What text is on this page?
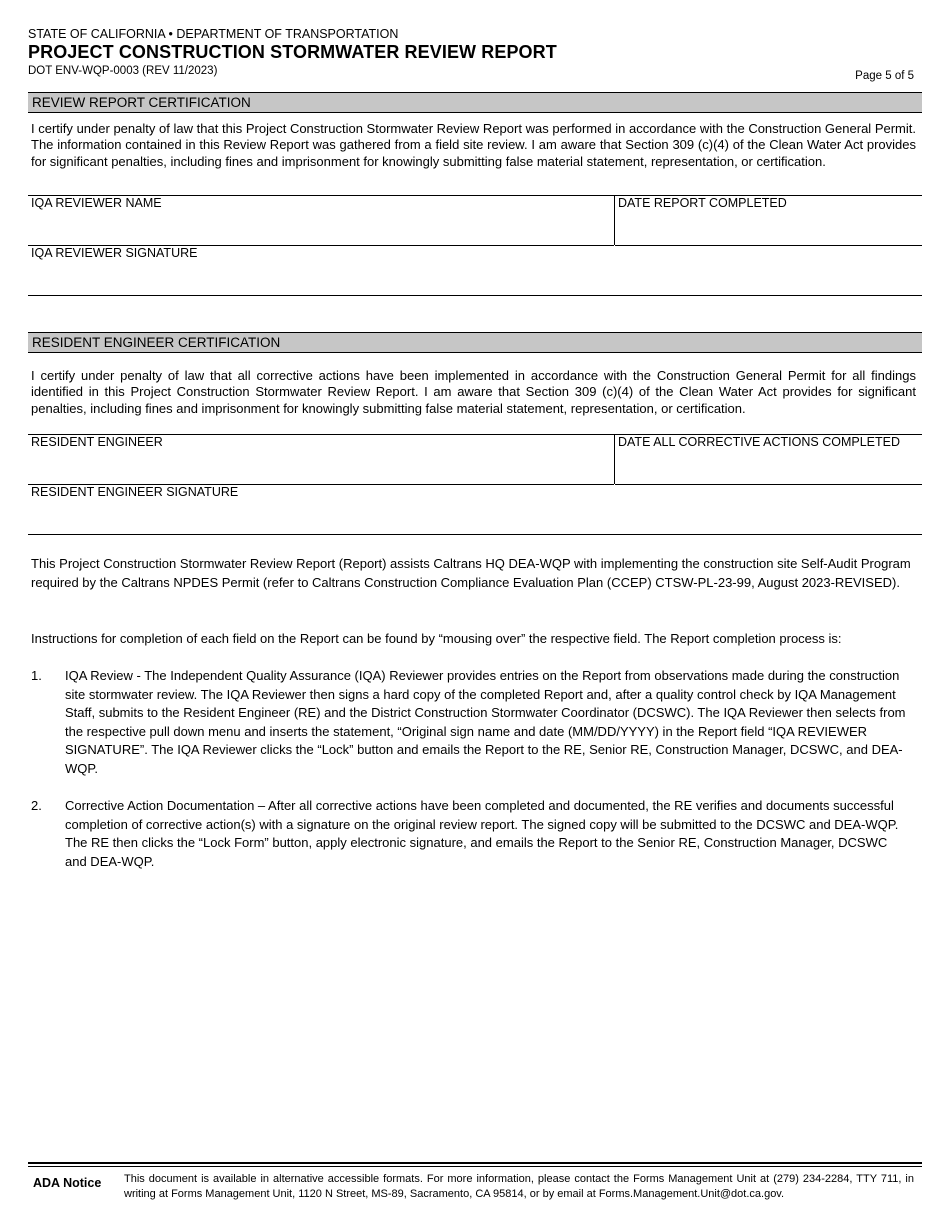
STATE OF CALIFORNIA • DEPARTMENT OF TRANSPORTATION
PROJECT CONSTRUCTION STORMWATER REVIEW REPORT
DOT ENV-WQP-0003 (REV 11/2023)	Page 5 of 5
REVIEW REPORT CERTIFICATION
I certify under penalty of law that this Project Construction Stormwater Review Report was performed in accordance with the Construction General Permit. The information contained in this Review Report was gathered from a field site review. I am aware that Section 309 (c)(4) of the Clean Water Act provides for significant penalties, including fines and imprisonment for knowingly submitting false material statement, representation, or certification.
IQA REVIEWER NAME	DATE REPORT COMPLETED
IQA REVIEWER SIGNATURE
RESIDENT ENGINEER CERTIFICATION
I certify under penalty of law that all corrective actions have been implemented in accordance with the Construction General Permit for all findings identified in this Project Construction Stormwater Review Report. I am aware that Section 309 (c)(4) of the Clean Water Act provides for significant penalties, including fines and imprisonment for knowingly submitting false material statement, representation, or certification.
RESIDENT ENGINEER	DATE ALL CORRECTIVE ACTIONS COMPLETED
RESIDENT ENGINEER SIGNATURE
This Project Construction Stormwater Review Report (Report) assists Caltrans HQ DEA-WQP with implementing the construction site Self-Audit Program required by the Caltrans NPDES Permit (refer to Caltrans Construction Compliance Evaluation Plan (CCEP) CTSW-PL-23-99, August 2023-REVISED).
Instructions for completion of each field on the Report can be found by “mousing over” the respective field. The Report completion process is:
1. IQA Review - The Independent Quality Assurance (IQA) Reviewer provides entries on the Report from observations made during the construction site stormwater review. The IQA Reviewer then signs a hard copy of the completed Report and, after a quality control check by IQA Management Staff, submits to the Resident Engineer (RE) and the District Construction Stormwater Coordinator (DCSWC). The IQA Reviewer then selects from the respective pull down menu and inserts the statement, “Original sign name and date (MM/DD/YYYY) in the Report field “IQA REVIEWER SIGNATURE”. The IQA Reviewer clicks the “Lock” button and emails the Report to the RE, Senior RE, Construction Manager, DCSWC, and DEA-WQP.
2. Corrective Action Documentation – After all corrective actions have been completed and documented, the RE verifies and documents successful completion of corrective action(s) with a signature on the original review report. The signed copy will be submitted to the DCSWC and DEA-WQP. The RE then clicks the “Lock Form” button, apply electronic signature, and emails the Report to the Senior RE, Construction Manager, DCSWC and DEA-WQP.
ADA Notice This document is available in alternative accessible formats. For more information, please contact the Forms Management Unit at (279) 234-2284, TTY 711, in writing at Forms Management Unit, 1120 N Street, MS-89, Sacramento, CA 95814, or by email at Forms.Management.Unit@dot.ca.gov.
